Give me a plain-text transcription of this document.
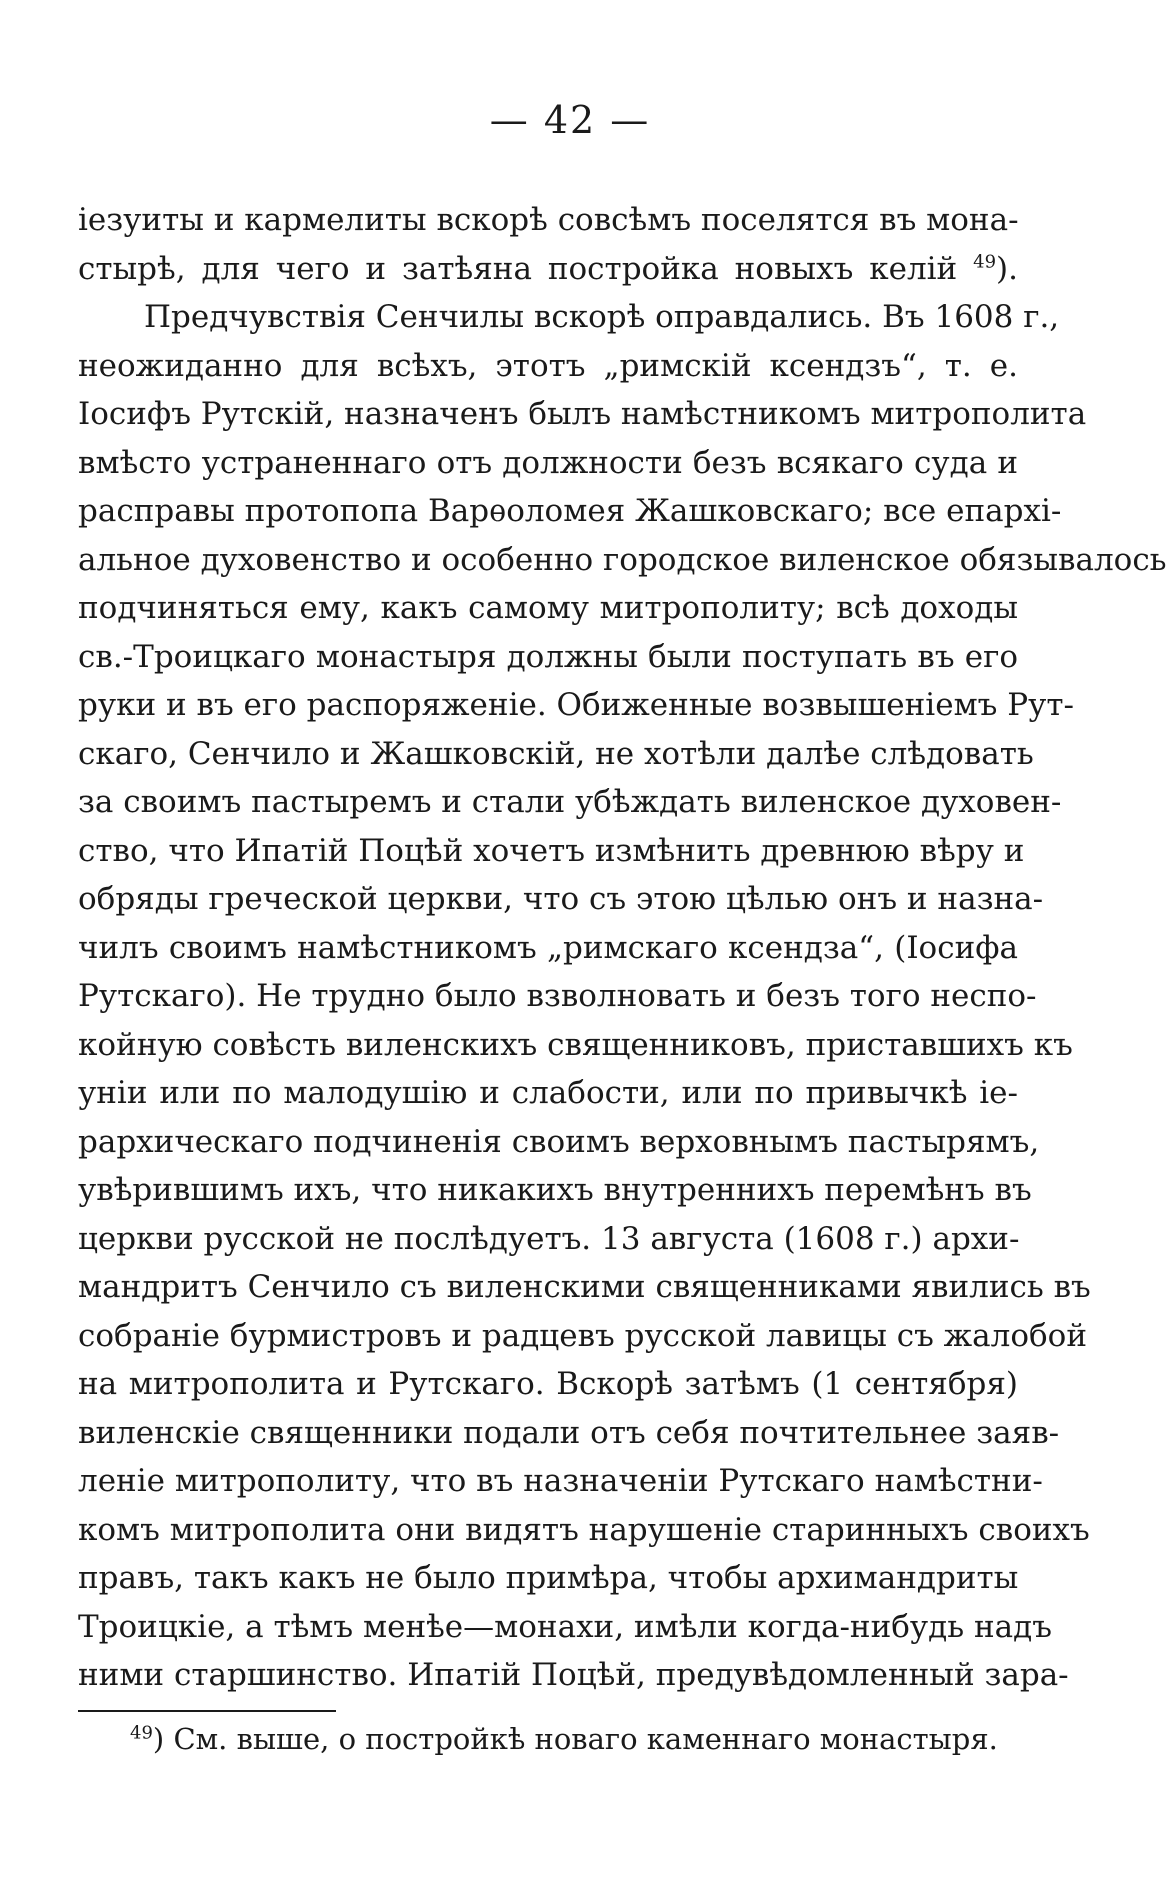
— 42 —
іезуиты и кармелиты вскорѣ совсѣмъ поселятся въ мона-
стырѣ, для чего и затѣяна постройка новыхъ келій $^{49}$).
Предчувствія Сенчилы вскорѣ оправдались. Въ 1608 г.,
неожиданно для всѣхъ, этотъ „римскій ксендзъ“, т. е.
Іосифъ Рутскій, назначенъ былъ намѣстникомъ митрополита
вмѣсто устраненнаго отъ должности безъ всякаго суда и
расправы протопопа Варѳоломея Жашковскаго; все епархі-
альное духовенство и особенно городское виленское обязывалось
подчиняться ему, какъ самому митрополиту; всѣ доходы
св.-Троицкаго монастыря должны были поступать въ его
руки и въ его распоряженіе. Обиженные возвышеніемъ Рут-
скаго, Сенчило и Жашковскій, не хотѣли далѣе слѣдовать
за своимъ пастыремъ и стали убѣждать виленское духовен-
ство, что Ипатій Поцѣй хочетъ измѣнить древнюю вѣру и
обряды греческой церкви, что съ этою цѣлью онъ и назна-
чилъ своимъ намѣстникомъ „римскаго ксендза“, (Іосифа
Рутскаго). Не трудно было взволновать и безъ того неспо-
койную совѣсть виленскихъ священниковъ, приставшихъ къ
уніи или по малодушію и слабости, или по привычкѣ іе-
рархическаго подчиненія своимъ верховнымъ пастырямъ,
увѣрившимъ ихъ, что никакихъ внутреннихъ перемѣнъ въ
церкви русской не послѣдуетъ. 13 августа (1608 г.) архи-
мандритъ Сенчило съ виленскими священниками явились въ
собраніе бурмистровъ и радцевъ русской лавицы съ жалобой
на митрополита и Рутскаго. Вскорѣ затѣмъ (1 сентября)
виленскіе священники подали отъ себя почтительнее заяв-
леніе митрополиту, что въ назначеніи Рутскаго намѣстни-
комъ митрополита они видятъ нарушеніе старинныхъ своихъ
правъ, такъ какъ не было примѣра, чтобы архимандриты
Троицкіе, а тѣмъ менѣе—монахи, имѣли когда-нибудь надъ
ними старшинство. Ипатій Поцѣй, предувѣдомленный зара-
$^{49}$) См. выше, о постройкѣ новаго каменнаго монастыря.
